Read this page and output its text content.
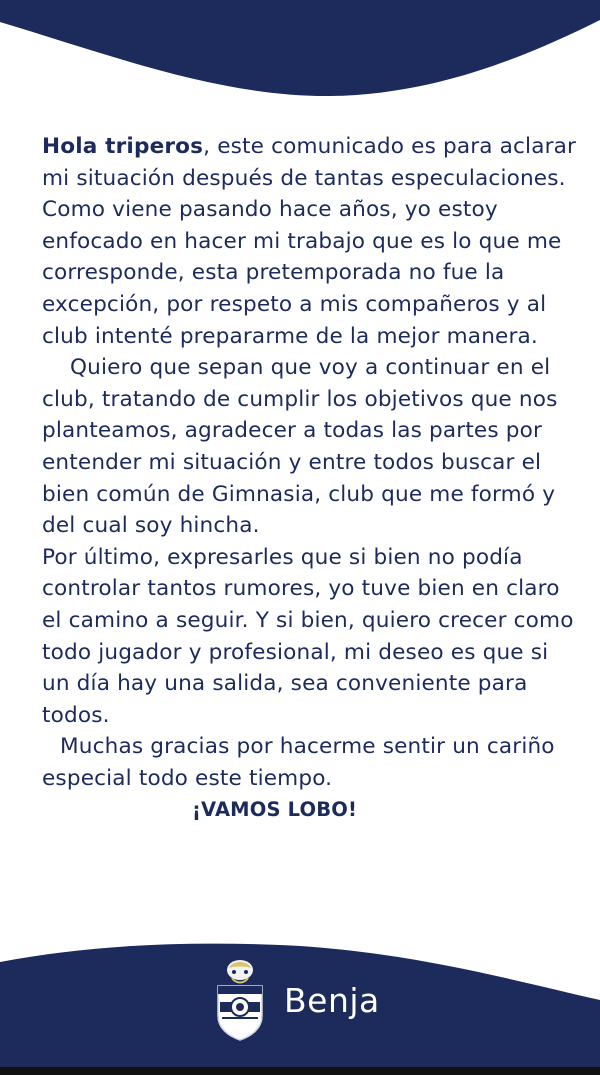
Hola triperos, este comunicado es para aclarar mi situación después de tantas especulaciones.

Como viene pasando hace años, yo estoy enfocado en hacer mi trabajo que es lo que me corresponde, esta pretemporada no fue la excepción, por respeto a mis compañeros y al club intenté prepararme de la mejor manera.

Quiero que sepan que voy a continuar en el club, tratando de cumplir los objetivos que nos planteamos, agradecer a todas las partes por entender mi situación y entre todos buscar el bien común de Gimnasia, club que me formó y del cual soy hincha.

Por último, expresarles que si bien no podía controlar tantos rumores, yo tuve bien en claro el camino a seguir. Y si bien, quiero crecer como todo jugador y profesional, mi deseo es que si un día hay una salida, sea conveniente para todos.

Muchas gracias por hacerme sentir un cariño especial todo este tiempo.

¡VAMOS LOBO!

Benja
